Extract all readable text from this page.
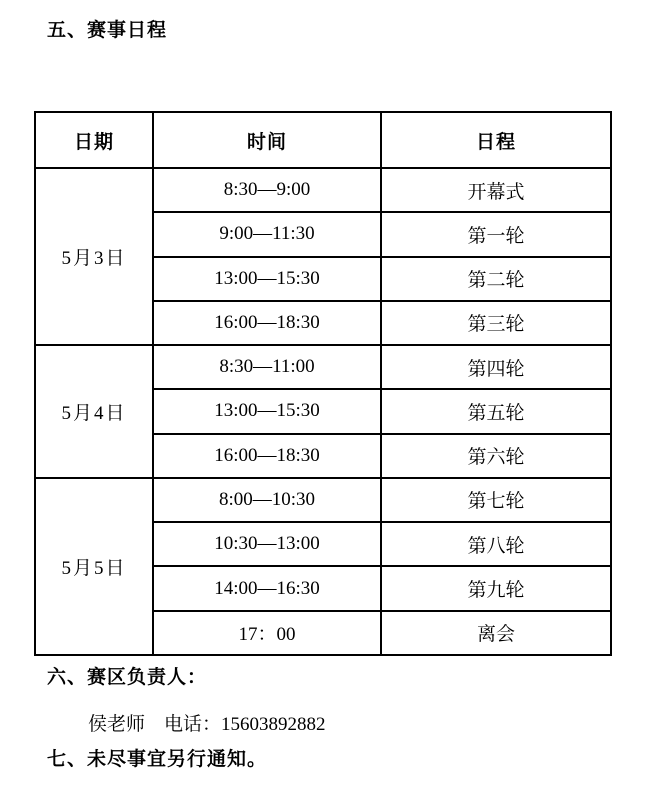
五、赛事日程
日期	时间	日程
5月3日	8:30—9:00	开幕式
	9:00—11:30	第一轮
	13:00—15:30	第二轮
	16:00—18:30	第三轮
5月4日	8:30—11:00	第四轮
	13:00—15:30	第五轮
	16:00—18:30	第六轮
5月5日	8:00—10:30	第七轮
	10:30—13:00	第八轮
	14:00—16:30	第九轮
	17：00	离会
六、赛区负责人：
侯老师　电话：15603892882
七、未尽事宜另行通知。
